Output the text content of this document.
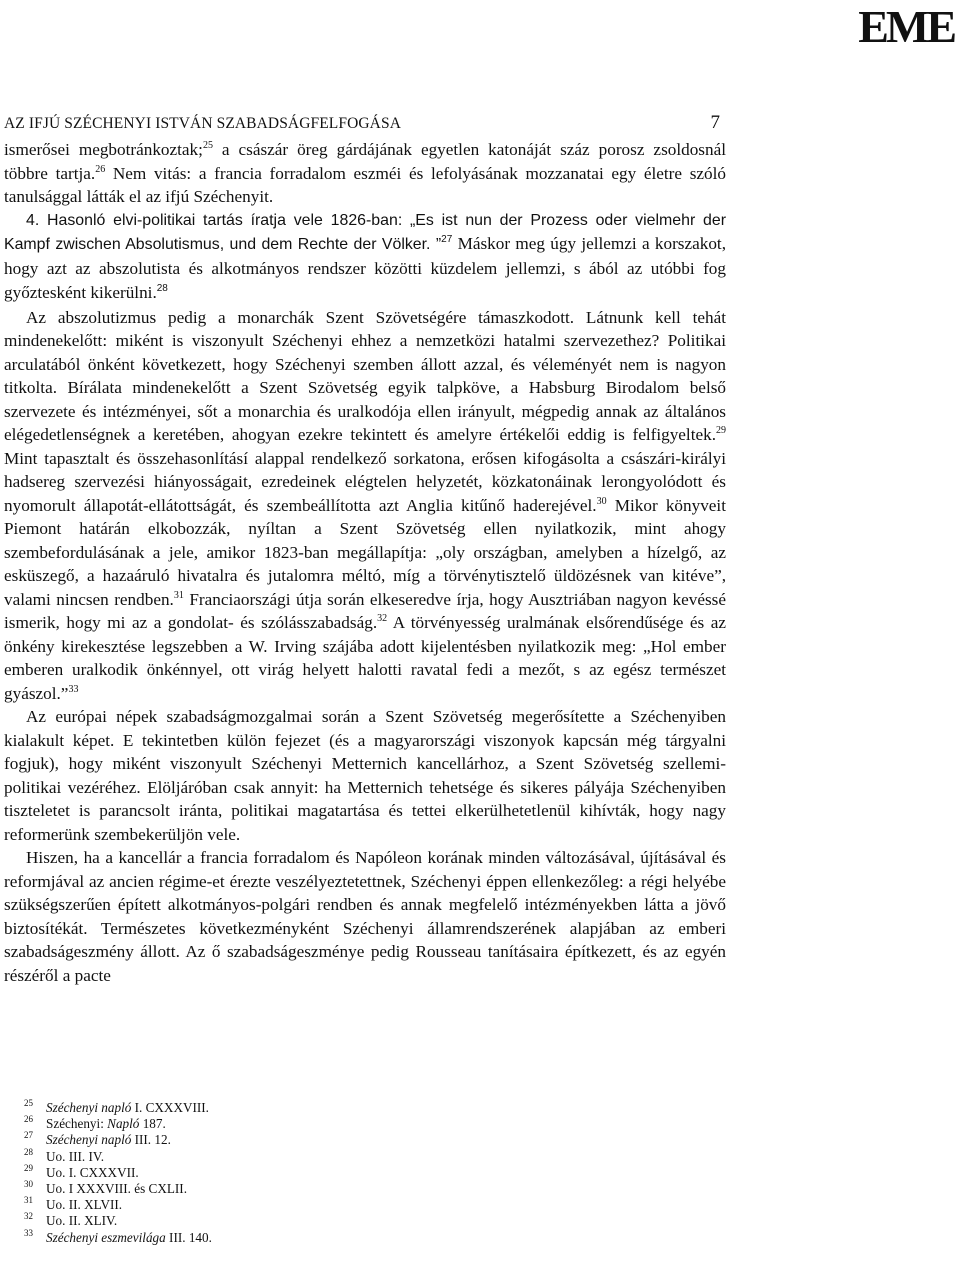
EME
AZ IFJÚ SZÉCHENYI ISTVÁN SZABADSÁGFELFOGÁSA	7

ismerősei megbotránkoztak;$^{25}$ a császár öreg gárdájának egyetlen katonáját száz porosz zsoldosnál többre tartja.$^{26}$ Nem vitás: a francia forradalom eszméi és lefolyásának mozzanatai egy életre szóló tanulsággal látták el az ifjú Széchenyit.

4. Hasonló elvi-politikai tartás íratja vele 1826-ban: „Es ist nun der Prozess oder vielmehr der Kampf zwischen Absolutismus, und dem Rechte der Völker. ”$^{27}$ Máskor meg úgy jellemzi a korszakot, hogy azt az abszolutista és alkotmányos rendszer közötti küzdelem jellemzi, s ából az utóbbi fog győztesként kikerülni.$^{28}$

Az abszolutizmus pedig a monarchák Szent Szövetségére támaszkodott. Látnunk kell tehát mindenekelőtt: miként is viszonyult Széchenyi ehhez a nemzetközi hatalmi szervezethez? Politikai arculatából önként következett, hogy Széchenyi szemben állott azzal, és véleményét nem is nagyon titkolta. Bírálata mindenekelőtt a Szent Szövetség egyik talpköve, a Habsburg Birodalom belső szervezete és intézményei, sőt a monarchia és uralkodója ellen irányult, mégpedig annak az általános elégedetlenségnek a keretében, ahogyan ezekre tekintett és amelyre értékelői eddig is felfigyeltek.$^{29}$ Mint tapasztalt és összehasonlításí alappal rendelkező sorkatona, erősen kifogásolta a császári-királyi hadsereg szervezési hiányosságait, ezredeinek elégtelen helyzetét, közkatonáinak lerongyolódott és nyomorult állapotát-ellátottságát, és szembeállította azt Anglia kitűnő haderejével.$^{30}$ Mikor könyveit Piemont határán elkobozzák, nyíltan a Szent Szövetség ellen nyilatkozik, mint ahogy szembefordulásának a jele, amikor 1823-ban megállapítja: „oly országban, amelyben a hízelgő, az esküszegő, a hazaáruló hivatalra és jutalomra méltó, míg a törvénytisztelő üldözésnek van kitéve”, valami nincsen rendben.$^{31}$ Franciaországi útja során elkeseredve írja, hogy Ausztriában nagyon kevéssé ismerik, hogy mi az a gondolat- és szólásszabadság.$^{32}$ A törvényesség uralmának elsőrendűsége és az önkény kirekesztése legszebben a W. Irving szájába adott kijelentésben nyilatkozik meg: „Hol ember emberen uralkodik önkénnyel, ott virág helyett halotti ravatal fedi a mezőt, s az egész természet gyászol.”$^{33}$

Az európai népek szabadságmozgalmai során a Szent Szövetség megerősítette a Széchenyiben kialakult képet. E tekintetben külön fejezet (és a magyarországi viszonyok kapcsán még tárgyalni fogjuk), hogy miként viszonyult Széchenyi Metternich kancellárhoz, a Szent Szövetség szellemi-politikai vezéréhez. Elöljáróban csak annyit: ha Metternich tehetsége és sikeres pályája Széchenyiben tiszteletet is parancsolt iránta, politikai magatartása és tettei elkerülhetetlenül kihívták, hogy nagy reformerünk szembekerüljön vele.

Hiszen, ha a kancellár a francia forradalom és Napóleon korának minden változásával, újításával és reformjával az ancien régime-et érezte veszélyeztetettnek, Széchenyi éppen ellenkezőleg: a régi helyébe szükségszerűen épített alkotmányos-polgári rendben és annak megfelelő intézményekben látta a jövő biztosítékát. Természetes következményként Széchenyi államrendszerének alapjában az emberi szabadságeszmény állott. Az ő szabadságeszménye pedig Rousseau tanításaira építkezett, és az egyén részéről a pacte

25 Széchenyi napló I. CXXXVIII.
26 Széchenyi: Napló 187.
27 Széchenyi napló III. 12.
28 Uo. III. IV.
29 Uo. I. CXXXVII.
30 Uo. I XXXVIII. és CXLII.
31 Uo. II. XLVII.
32 Uo. II. XLIV.
33 Széchenyi eszmevilága III. 140.
